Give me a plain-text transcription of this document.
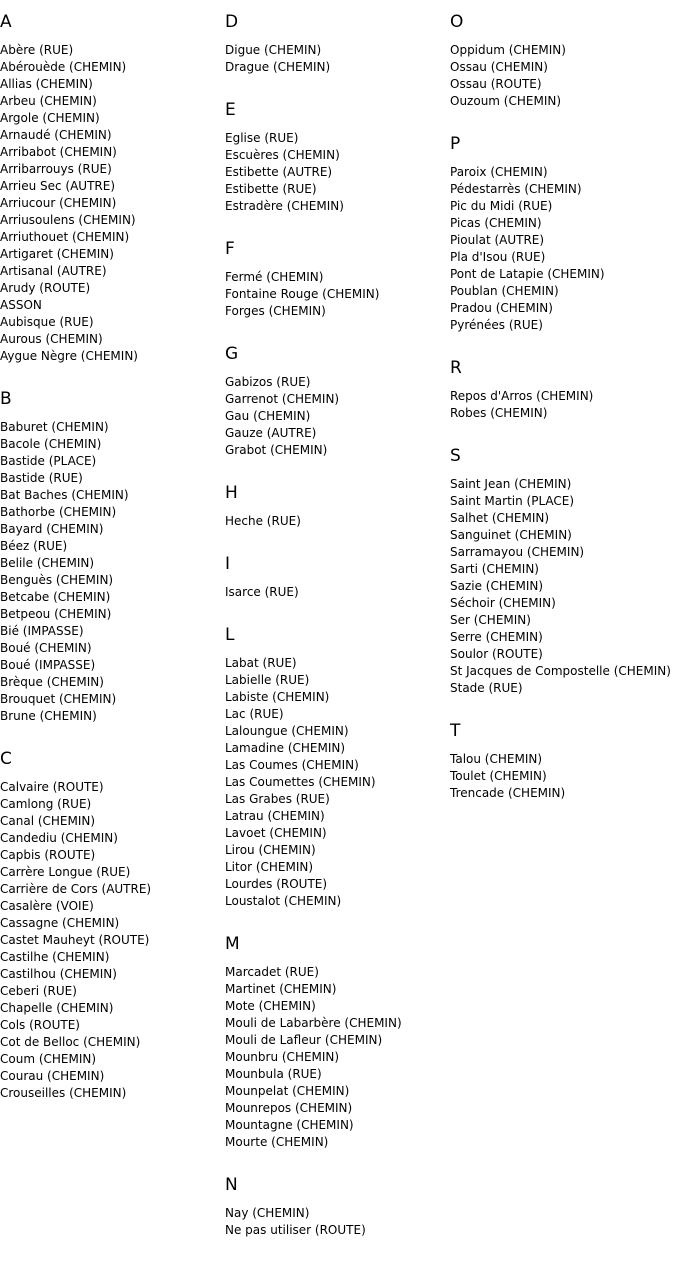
A
Abère (RUE)
Abérouède (CHEMIN)
Allias (CHEMIN)
Arbeu (CHEMIN)
Argole (CHEMIN)
Arnaudé (CHEMIN)
Arribabot (CHEMIN)
Arribarrouys (RUE)
Arrieu Sec (AUTRE)
Arriucour (CHEMIN)
Arriusoulens (CHEMIN)
Arriuthouet (CHEMIN)
Artigaret (CHEMIN)
Artisanal (AUTRE)
Arudy (ROUTE)
ASSON
Aubisque (RUE)
Aurous (CHEMIN)
Aygue Nègre (CHEMIN)
B
Baburet (CHEMIN)
Bacole (CHEMIN)
Bastide (PLACE)
Bastide (RUE)
Bat Baches (CHEMIN)
Bathorbe (CHEMIN)
Bayard (CHEMIN)
Béez (RUE)
Belile (CHEMIN)
Benguès (CHEMIN)
Betcabe (CHEMIN)
Betpeou (CHEMIN)
Bié (IMPASSE)
Boué (CHEMIN)
Boué (IMPASSE)
Brèque (CHEMIN)
Brouquet (CHEMIN)
Brune (CHEMIN)
C
Calvaire (ROUTE)
Camlong (RUE)
Canal (CHEMIN)
Candediu (CHEMIN)
Capbis (ROUTE)
Carrère Longue (RUE)
Carrière de Cors (AUTRE)
Casalère (VOIE)
Cassagne (CHEMIN)
Castet Mauheyt (ROUTE)
Castilhe (CHEMIN)
Castilhou (CHEMIN)
Ceberi (RUE)
Chapelle (CHEMIN)
Cols (ROUTE)
Cot de Belloc (CHEMIN)
Coum (CHEMIN)
Courau (CHEMIN)
Crouseilles (CHEMIN)
D
Digue (CHEMIN)
Drague (CHEMIN)
E
Eglise (RUE)
Escuères (CHEMIN)
Estibette (AUTRE)
Estibette (RUE)
Estradère (CHEMIN)
F
Fermé (CHEMIN)
Fontaine Rouge (CHEMIN)
Forges (CHEMIN)
G
Gabizos (RUE)
Garrenot (CHEMIN)
Gau (CHEMIN)
Gauze (AUTRE)
Grabot (CHEMIN)
H
Heche (RUE)
I
Isarce (RUE)
L
Labat (RUE)
Labielle (RUE)
Labiste (CHEMIN)
Lac (RUE)
Lalоungue (CHEMIN)
Lamadine (CHEMIN)
Las Coumes (CHEMIN)
Las Coumettes (CHEMIN)
Las Grabes (RUE)
Latrau (CHEMIN)
Lavoet (CHEMIN)
Lirou (CHEMIN)
Litor (CHEMIN)
Lourdes (ROUTE)
Loustalot (CHEMIN)
M
Marcadet (RUE)
Martinet (CHEMIN)
Mote (CHEMIN)
Mouli de Labarbère (CHEMIN)
Mouli de Lafleur (CHEMIN)
Mounbru (CHEMIN)
Mounbula (RUE)
Mounpelat (CHEMIN)
Mounrepos (CHEMIN)
Mountagne (CHEMIN)
Mourte (CHEMIN)
N
Nay (CHEMIN)
Ne pas utiliser (ROUTE)
O
Oppidum (CHEMIN)
Ossau (CHEMIN)
Ossau (ROUTE)
Ouzoum (CHEMIN)
P
Paroix (CHEMIN)
Pédestarrès (CHEMIN)
Pic du Midi (RUE)
Picas (CHEMIN)
Pioulat (AUTRE)
Pla d'Isou (RUE)
Pont de Latapie (CHEMIN)
Poublan (CHEMIN)
Pradou (CHEMIN)
Pyrénées (RUE)
R
Repos d'Arros (CHEMIN)
Robes (CHEMIN)
S
Saint Jean (CHEMIN)
Saint Martin (PLACE)
Salhet (CHEMIN)
Sanguinet (CHEMIN)
Sarramayou (CHEMIN)
Sarti (CHEMIN)
Sazie (CHEMIN)
Séchoir (CHEMIN)
Ser (CHEMIN)
Serre (CHEMIN)
Soulor (ROUTE)
St Jacques de Compostelle (CHEMIN)
Stade (RUE)
T
Talou (CHEMIN)
Toulet (CHEMIN)
Trencade (CHEMIN)
